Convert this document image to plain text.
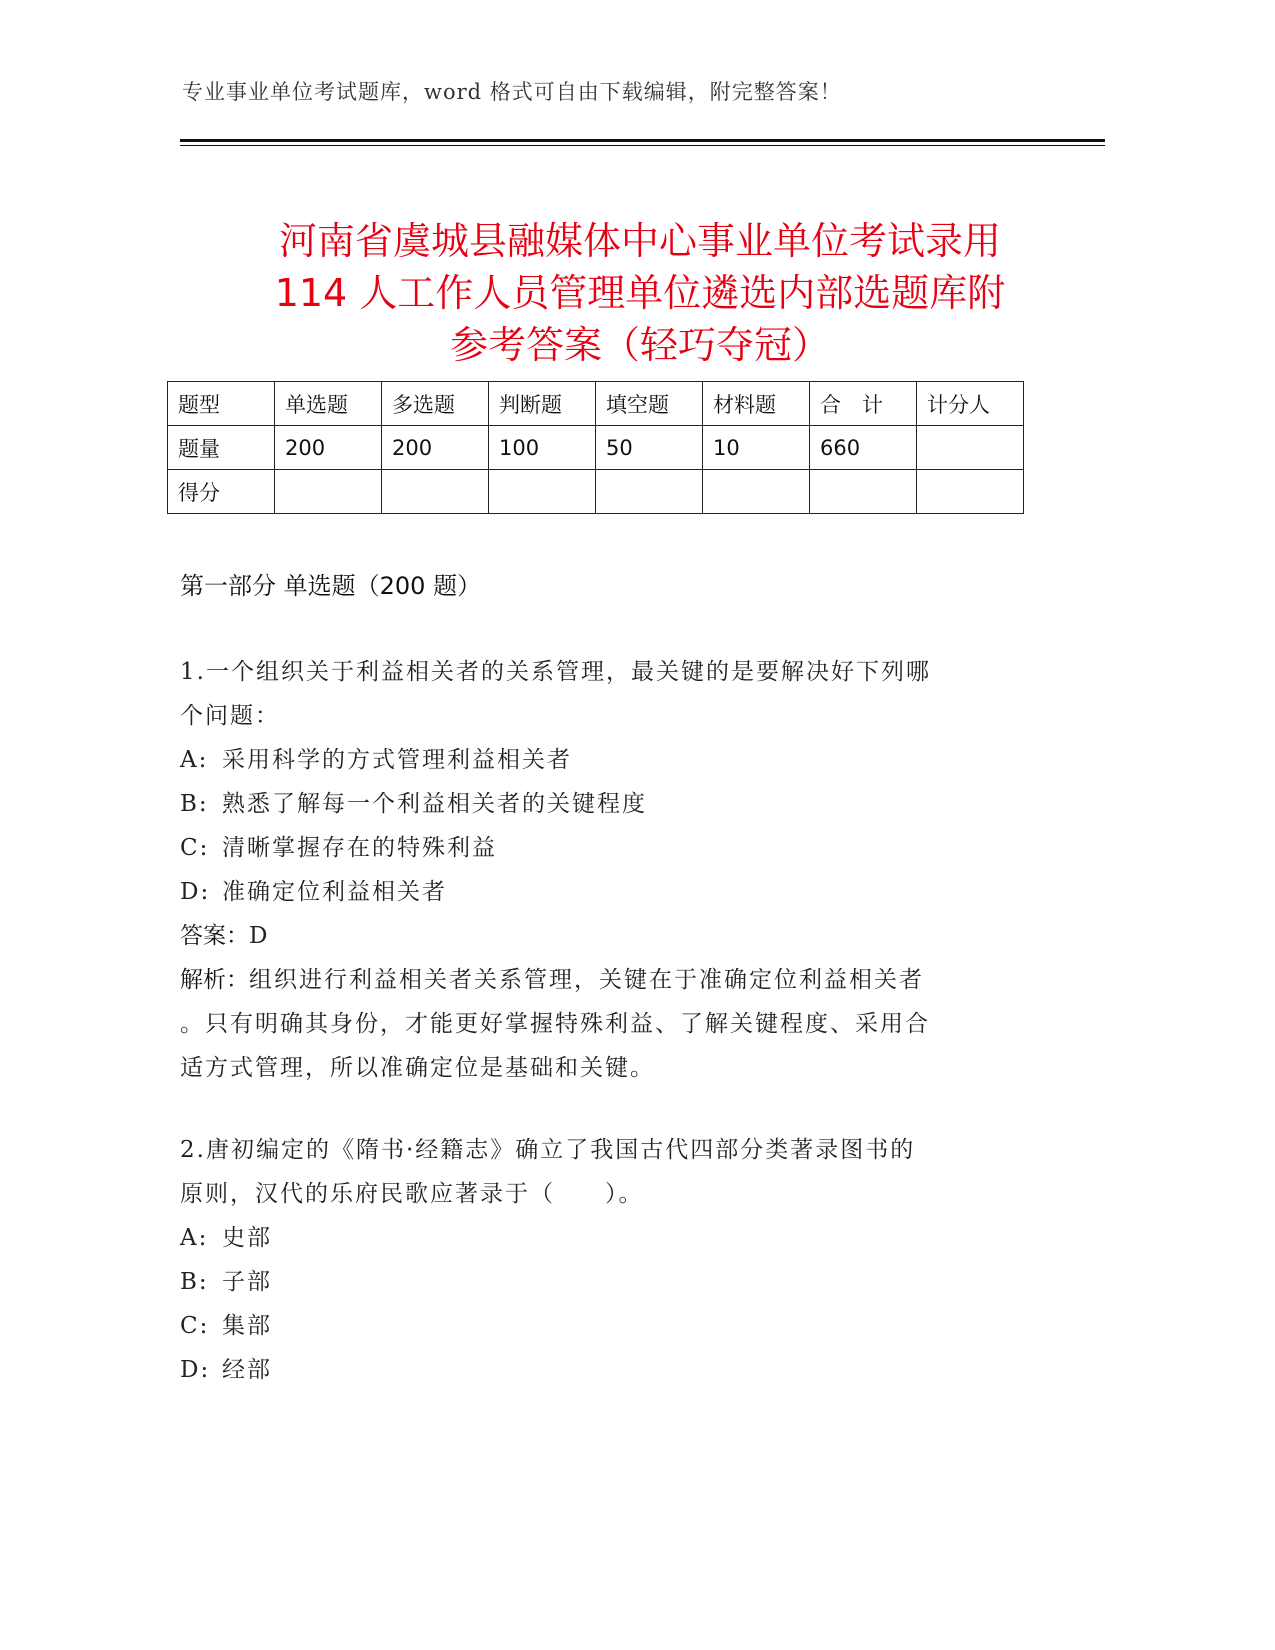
专业事业单位考试题库，word 格式可自由下载编辑，附完整答案！
河南省虞城县融媒体中心事业单位考试录用
114 人工作人员管理单位遴选内部选题库附
参考答案（轻巧夺冠）
题型	单选题	多选题	判断题	填空题	材料题	合　计	计分人
题量	200	200	100	50	10	660	
得分							
第一部分 单选题（200 题）

1.一个组织关于利益相关者的关系管理，最关键的是要解决好下列哪

个问题：

A: 采用科学的方式管理利益相关者

B: 熟悉了解每一个利益相关者的关键程度

C: 清晰掌握存在的特殊利益

D: 准确定位利益相关者

答案：D

解析：组织进行利益相关者关系管理，关键在于准确定位利益相关者

。只有明确其身份，才能更好掌握特殊利益、了解关键程度、采用合

适方式管理，所以准确定位是基础和关键。

2.唐初编定的《隋书·经籍志》确立了我国古代四部分类著录图书的

原则，汉代的乐府民歌应著录于（　　）。

A: 史部

B: 子部

C: 集部

D: 经部
